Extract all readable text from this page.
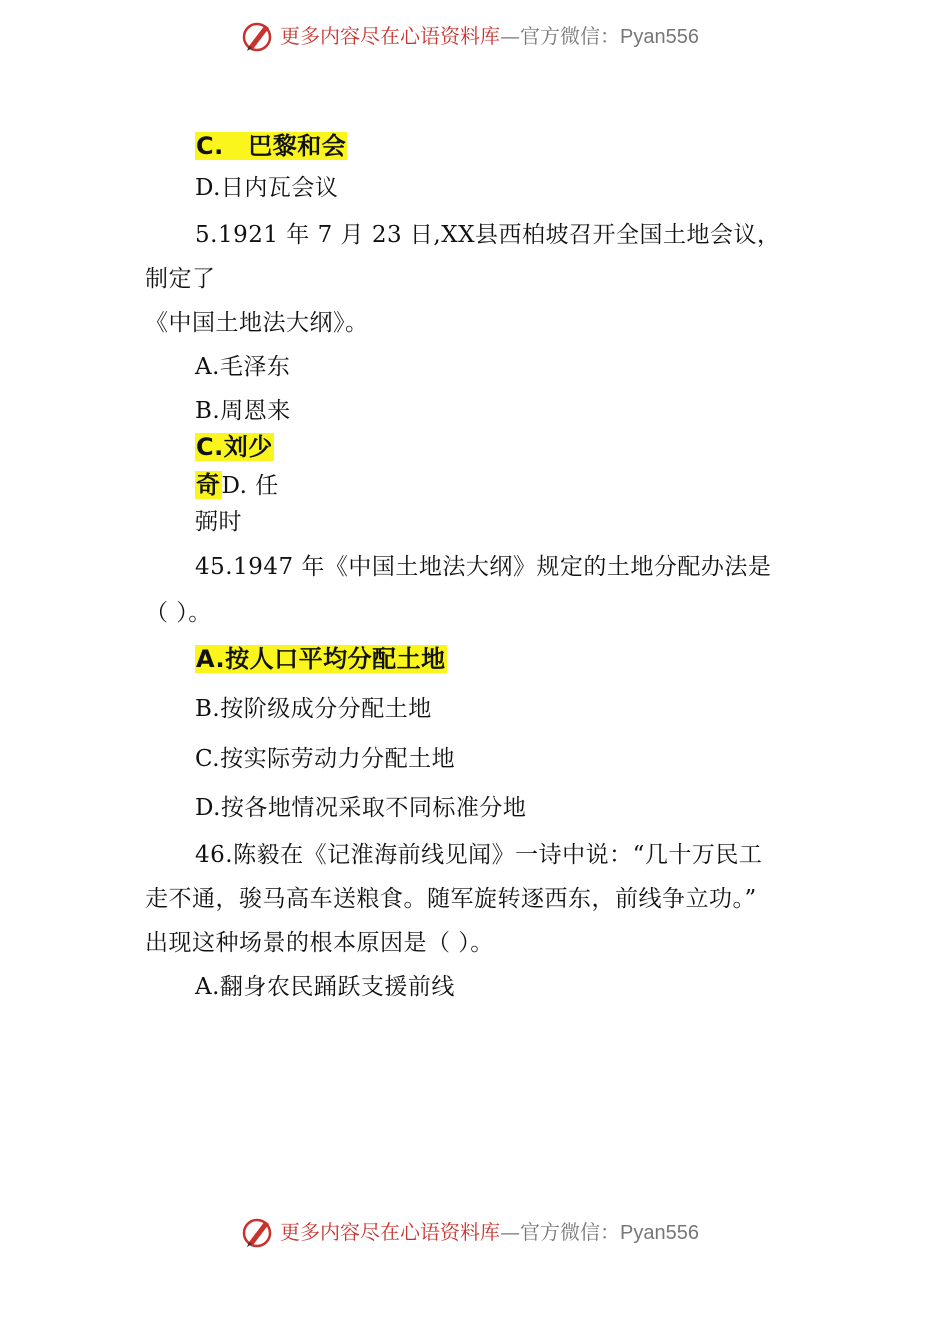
更多内容尽在心语资料库—官方微信：Pyan556
C.　巴黎和会
D.日内瓦会议
5.1921 年 7 月 23 日,XX县西柏坡召开全国土地会议，
制定了
《中国土地法大纲》。
A.毛泽东
B.周恩来
C.刘少
奇D. 任
弼时
45.1947 年《中国土地法大纲》规定的土地分配办法是
（ ）。
A.按人口平均分配土地
B.按阶级成分分配土地
C.按实际劳动力分配土地
D.按各地情况采取不同标准分地
46.陈毅在《记淮海前线见闻》一诗中说：“几十万民工
走不通，骏马高车送粮食。随军旋转逐西东，前线争立功。”
出现这种场景的根本原因是（ ）。
A.翻身农民踊跃支援前线
更多内容尽在心语资料库—官方微信：Pyan556
